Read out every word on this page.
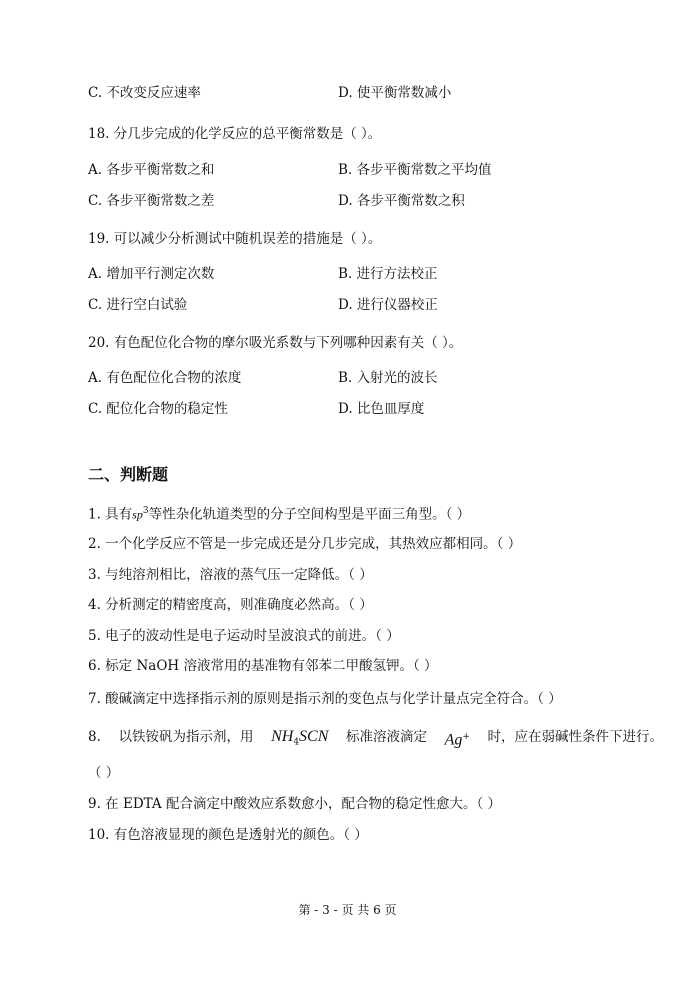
C. 不改变反应速率	D. 使平衡常数减小
18. 分几步完成的化学反应的总平衡常数是（ ）。
A. 各步平衡常数之和	B. 各步平衡常数之平均值
C. 各步平衡常数之差	D. 各步平衡常数之积
19. 可以减少分析测试中随机误差的措施是（ ）。
A. 增加平行测定次数	B. 进行方法校正
C. 进行空白试验	D. 进行仪器校正
20. 有色配位化合物的摩尔吸光系数与下列哪种因素有关（ ）。
A. 有色配位化合物的浓度	B. 入射光的波长
C. 配位化合物的稳定性	D. 比色皿厚度
二、判断题
1. 具有$sp^3$等性杂化轨道类型的分子空间构型是平面三角型。（ ）
2. 一个化学反应不管是一步完成还是分几步完成，其热效应都相同。（ ）
3. 与纯溶剂相比，溶液的蒸气压一定降低。（ ）
4. 分析测定的精密度高，则准确度必然高。（ ）
5. 电子的波动性是电子运动时呈波浪式的前进。（ ）
6. 标定 NaOH 溶液常用的基准物有邻苯二甲酸氢钾。（ ）
7. 酸碱滴定中选择指示剂的原则是指示剂的变色点与化学计量点完全符合。（ ）
8. 以铁铵矾为指示剂，用 $NH_4SCN$ 标准溶液滴定 Ag+ 时，应在弱碱性条件下进行。
（ ）
9. 在 EDTA 配合滴定中酸效应系数愈小，配合物的稳定性愈大。（ ）
10. 有色溶液显现的颜色是透射光的颜色。（ ）
第 - 3 - 页 共 6 页
